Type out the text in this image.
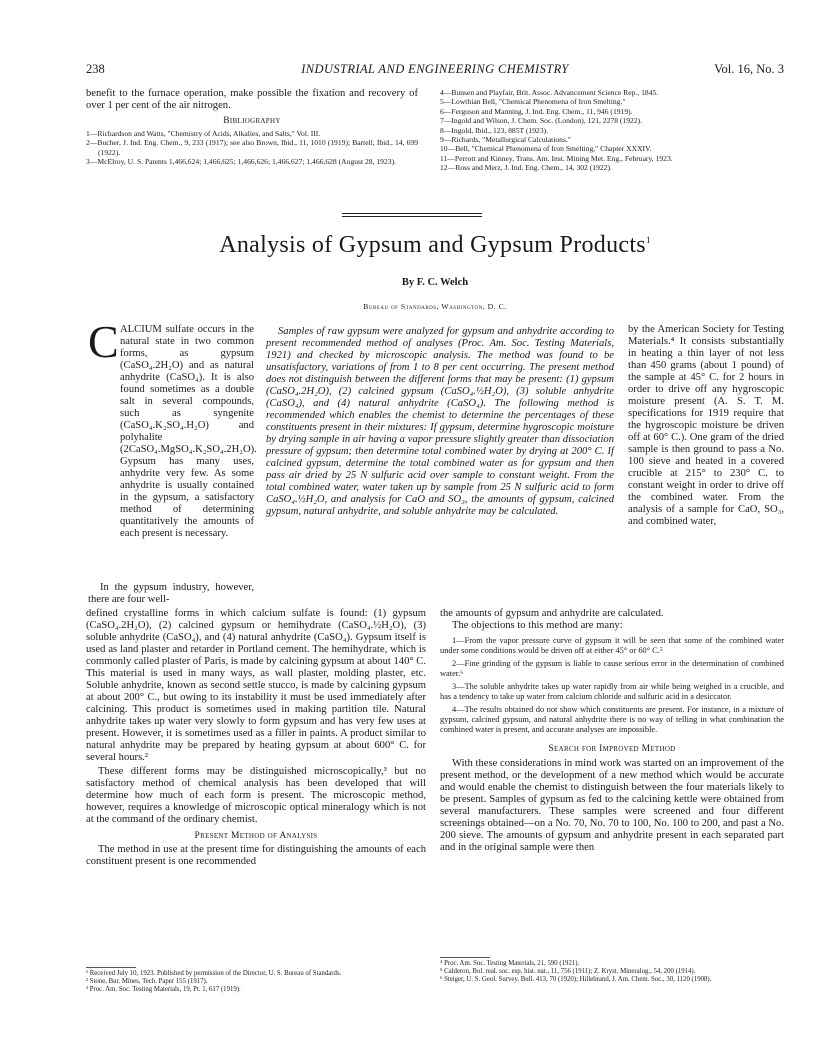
238	INDUSTRIAL AND ENGINEERING CHEMISTRY	Vol. 16, No. 3

benefit to the furnace operation, make possible the fixation and recovery of over 1 per cent of the air nitrogen.

Bibliography

1—Richardson and Watts, "Chemistry of Acids, Alkalies, and Salts," Vol. III.

2—Bucher, J. Ind. Eng. Chem., 9, 233 (1917); see also Brown, Ibid., 11, 1010 (1919); Bartell, Ibid., 14, 699 (1922).

3—McElroy, U. S. Patents 1,466,624; 1,466,625; 1,466,626; 1,466,627; 1,466,628 (August 28, 1923).

4—Bunsen and Playfair, Brit. Assoc. Advancement Science Rep., 1845.

5—Lowthian Bell, "Chemical Phenomena of Iron Smelting."

6—Ferguson and Manning, J. Ind. Eng. Chem., 11, 946 (1919).

7—Ingold and Wilson, J. Chem. Soc. (London), 121, 2278 (1922).

8—Ingold, Ibid., 123, 885T (1923).

9—Richards, "Metallurgical Calculations."

10—Bell, "Chemical Phenomena of Iron Smelting," Chapter XXXIV.

11—Perrott and Kinney, Trans. Am. Inst. Mining Met. Eng., February, 1923.

12—Ross and Merz, J. Ind. Eng. Chem., 14, 302 (1922).

Analysis of Gypsum and Gypsum Products$^1$
By F. C. Welch
Bureau of Standards, Washington, D. C.
C ALCIUM sulfate occurs in the natural state in two common forms, as gypsum (CaSO₄.2H₂O) and as natural anhydrite (CaSO₄). It is also found sometimes as a double salt in several compounds, such as syngenite (CaSO₄.K₂SO₄.H₂O) and polyhalite (2CaSO₄.MgSO₄.K₂SO₄.2H₂O). Gypsum has many uses, anhydrite very few. As some anhydrite is usually contained in the gypsum, a satisfactory method of determining quantitatively the amounts of each present is necessary.

In the gypsum industry, however, there are four well-

Samples of raw gypsum were analyzed for gypsum and anhydrite according to present recommended method of analyses (Proc. Am. Soc. Testing Materials, 1921) and checked by microscopic analysis. The method was found to be unsatisfactory, variations of from 1 to 8 per cent occurring. The present method does not distinguish between the different forms that may be present: (1) gypsum (CaSO₄.2H₂O), (2) calcined gypsum (CaSO₄.½H₂O), (3) soluble anhydrite (CaSO₄), and (4) natural anhydrite (CaSO₄). The following method is recommended which enables the chemist to determine the percentages of these constituents present in their mixtures: If gypsum, determine hygroscopic moisture by drying sample in air having a vapor pressure slightly greater than dissociation pressure of gypsum; then determine total combined water by drying at 200° C. If calcined gypsum, determine the total combined water as for gypsum and then pass air dried by 25 N sulfuric acid over sample to constant weight. From the total combined water, water taken up by sample from 25 N sulfuric acid to form CaSO₄.½H₂O, and analysis for CaO and SO₃, the amounts of gypsum, calcined gypsum, natural anhydrite, and soluble anhydrite may be calculated.

by the American Society for Testing Materials.⁴ It consists substantially in heating a thin layer of not less than 450 grams (about 1 pound) of the sample at 45° C. for 2 hours in order to drive off any hygroscopic moisture present (A. S. T. M. specifications for 1919 require that the hygroscopic moisture be driven off at 60° C.). One gram of the dried sample is then ground to pass a No. 100 sieve and heated in a covered crucible at 215° to 230° C. to constant weight in order to drive off the combined water. From the analysis of a sample for CaO, SO₃, and combined water,

defined crystalline forms in which calcium sulfate is found: (1) gypsum (CaSO₄.2H₂O), (2) calcined gypsum or hemihydrate (CaSO₄.½H₂O), (3) soluble anhydrite (CaSO₄), and (4) natural anhydrite (CaSO₄). Gypsum itself is used as land plaster and retarder in Portland cement. The hemihydrate, which is commonly called plaster of Paris, is made by calcining gypsum at about 140° C. This material is used in many ways, as wall plaster, molding plaster, etc. Soluble anhydrite, known as second settle stucco, is made by calcining gypsum at about 200° C., but owing to its instability it must be used immediately after calcining. This product is sometimes used in making partition tile. Natural anhydrite takes up water very slowly to form gypsum and has very few uses at present. However, it is sometimes used as a filler in paints. A product similar to natural anhydrite may be prepared by heating gypsum at about 600° C. for several hours.²

These different forms may be distinguished microscopically,³ but no satisfactory method of chemical analysis has been developed that will determine how much of each form is present. The microscopic method, however, requires a knowledge of microscopic optical mineralogy which is not at the command of the ordinary chemist.

Present Method of Analysis

The method in use at the present time for distinguishing the amounts of each constituent present is one recommended

the amounts of gypsum and anhydrite are calculated.

The objections to this method are many:

1—From the vapor pressure curve of gypsum it will be seen that some of the combined water under some conditions would be driven off at either 45° or 60° C.⁵

2—Fine grinding of the gypsum is liable to cause serious error in the determination of combined water.⁶

3—The soluble anhydrite takes up water rapidly from air while being weighed in a crucible, and has a tendency to take up water from calcium chloride and sulfuric acid in a desiccator.

4—The results obtained do not show which constituents are present. For instance, in a mixture of gypsum, calcined gypsum, and natural anhydrite there is no way of telling in what combination the combined water is present, and accurate analyses are impossible.

Search for Improved Method

With these considerations in mind work was started on an improvement of the present method, or the development of a new method which would be accurate and would enable the chemist to distinguish between the four materials likely to be present. Samples of gypsum as fed to the calcining kettle were obtained from several manufacturers. These samples were screened and four different screenings obtained—on a No. 70, No. 70 to 100, No. 100 to 200, and past a No. 200 sieve. The amounts of gypsum and anhydrite present in each separated part and in the original sample were then

¹ Received July 10, 1923. Published by permission of the Director, U. S. Bureau of Standards.

² Stone, Bur. Mines, Tech. Paper 155 (1917).

³ Proc. Am. Soc. Testing Materials, 19, Pt. 1, 617 (1919).

⁴ Proc. Am. Soc. Testing Materials, 21, 590 (1921).

⁵ Calderon, Bol. real. soc. esp. hist. nat., 11, 756 (1911); Z. Kryst. Mineralog., 54, 200 (1914).

⁶ Steiger, U. S. Geol. Survey, Bull. 413, 70 (1920); Hillebrand, J. Am. Chem. Soc., 30, 1120 (1908).
